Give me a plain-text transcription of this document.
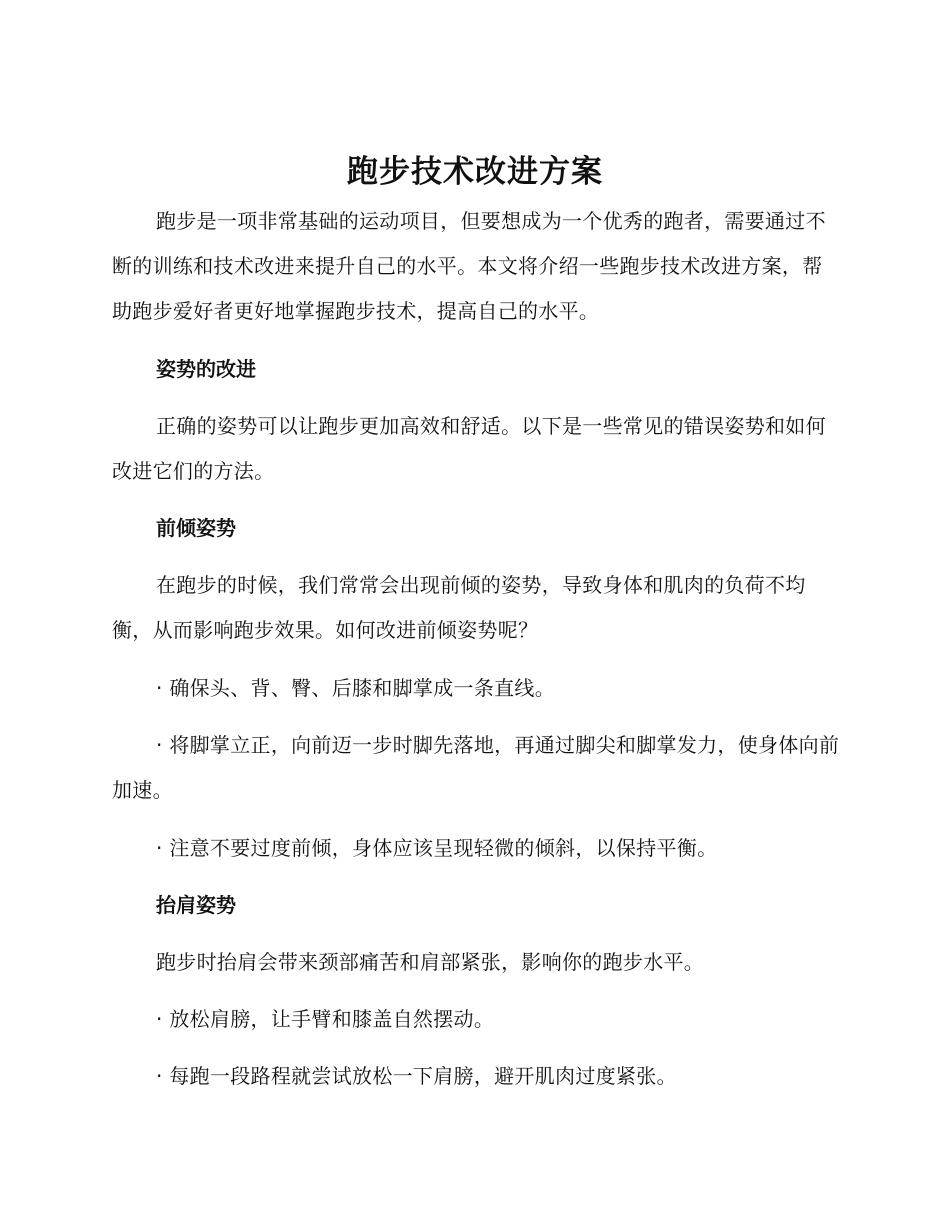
跑步技术改进方案

跑步是一项非常基础的运动项目，但要想成为一个优秀的跑者，需要通过不断的训练和技术改进来提升自己的水平。本文将介绍一些跑步技术改进方案，帮助跑步爱好者更好地掌握跑步技术，提高自己的水平。

姿势的改进

正确的姿势可以让跑步更加高效和舒适。以下是一些常见的错误姿势和如何改进它们的方法。

前倾姿势

在跑步的时候，我们常常会出现前倾的姿势，导致身体和肌肉的负荷不均衡，从而影响跑步效果。如何改进前倾姿势呢？

· 确保头、背、臀、后膝和脚掌成一条直线。

· 将脚掌立正，向前迈一步时脚先落地，再通过脚尖和脚掌发力，使身体向前加速。

· 注意不要过度前倾，身体应该呈现轻微的倾斜，以保持平衡。

抬肩姿势

跑步时抬肩会带来颈部痛苦和肩部紧张，影响你的跑步水平。

· 放松肩膀，让手臂和膝盖自然摆动。

· 每跑一段路程就尝试放松一下肩膀，避开肌肉过度紧张。
